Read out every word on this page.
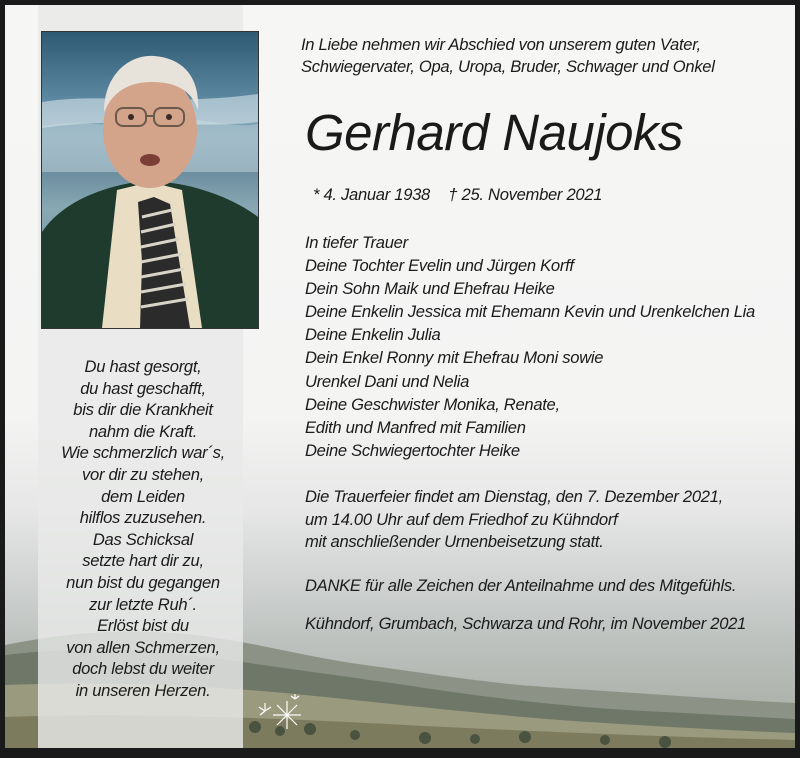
Du hast gesorgt,
du hast geschafft,
bis dir die Krankheit
nahm die Kraft.
Wie schmerzlich war´s,
vor dir zu stehen,
dem Leiden
hilflos zuzusehen.
Das Schicksal
setzte hart dir zu,
nun bist du gegangen
zur letzte Ruh´.
Erlöst bist du
von allen Schmerzen,
doch lebst du weiter
in unseren Herzen.
In Liebe nehmen wir Abschied von unserem guten Vater,
Schwiegervater, Opa, Uropa, Bruder, Schwager und Onkel
Gerhard Naujoks
* 4. Januar 1938 † 25. November 2021
In tiefer Trauer
Deine Tochter Evelin und Jürgen Korff
Dein Sohn Maik und Ehefrau Heike
Deine Enkelin Jessica mit Ehemann Kevin und Urenkelchen Lia
Deine Enkelin Julia
Dein Enkel Ronny mit Ehefrau Moni sowie
Urenkel Dani und Nelia
Deine Geschwister Monika, Renate,
Edith und Manfred mit Familien
Deine Schwiegertochter Heike
Die Trauerfeier findet am Dienstag, den 7. Dezember 2021,
um 14.00 Uhr auf dem Friedhof zu Kühndorf
mit anschließender Urnenbeisetzung statt.
DANKE für alle Zeichen der Anteilnahme und des Mitgefühls.
Kühndorf, Grumbach, Schwarza und Rohr, im November 2021
